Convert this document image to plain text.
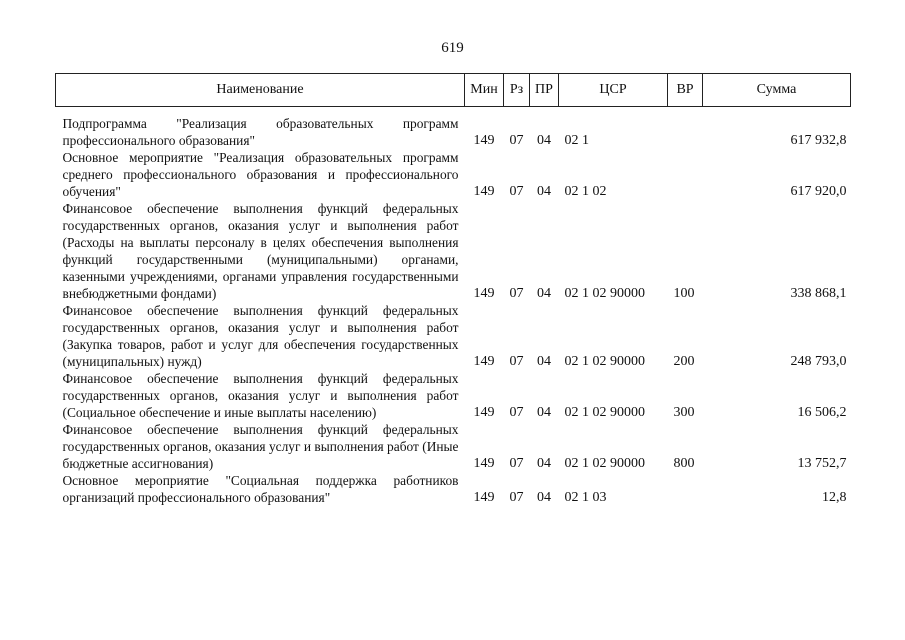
619
Наименование	Мин	Рз	ПР	ЦСР	ВР	Сумма
Подпрограмма "Реализация образовательных программ профессионального образования"	149	07	04	02 1		617 932,8
Основное мероприятие "Реализация образовательных программ среднего профессионального образования и профессионального обучения"	149	07	04	02 1 02		617 920,0
Финансовое обеспечение выполнения функций федеральных государственных органов, оказания услуг и выполнения работ (Расходы на выплаты персоналу в целях обеспечения выполнения функций государственными (муниципальными) органами, казенными учреждениями, органами управления государственными внебюджетными фондами)	149	07	04	02 1 02 90000	100	338 868,1
Финансовое обеспечение выполнения функций федеральных государственных органов, оказания услуг и выполнения работ (Закупка товаров, работ и услуг для обеспечения государственных (муниципальных) нужд)	149	07	04	02 1 02 90000	200	248 793,0
Финансовое обеспечение выполнения функций федеральных государственных органов, оказания услуг и выполнения работ (Социальное обеспечение и иные выплаты населению)	149	07	04	02 1 02 90000	300	16 506,2
Финансовое обеспечение выполнения функций федеральных государственных органов, оказания услуг и выполнения работ (Иные бюджетные ассигнования)	149	07	04	02 1 02 90000	800	13 752,7
Основное мероприятие "Социальная поддержка работников организаций профессионального образования"	149	07	04	02 1 03		12,8
